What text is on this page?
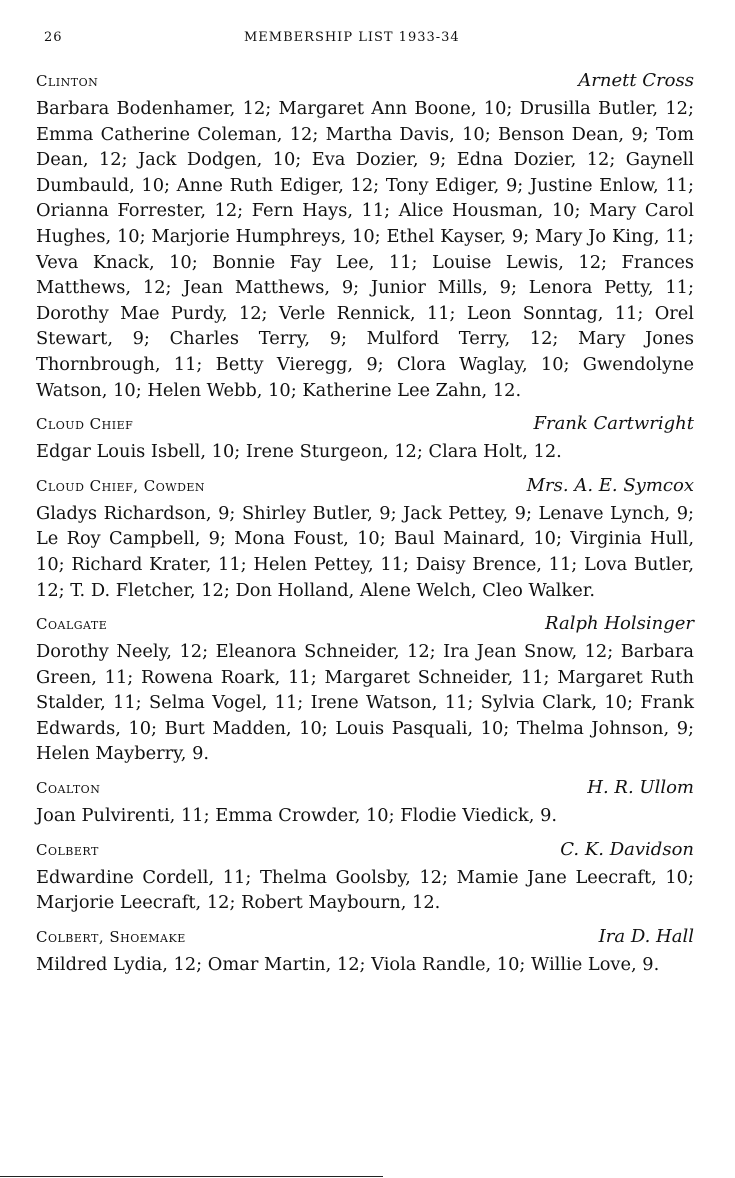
26	MEMBERSHIP LIST 1933-34
Clinton	Arnett Cross
Barbara Bodenhamer, 12; Margaret Ann Boone, 10; Drusilla Butler, 12; Emma Catherine Coleman, 12; Martha Davis, 10; Benson Dean, 9; Tom Dean, 12; Jack Dodgen, 10; Eva Dozier, 9; Edna Dozier, 12; Gaynell Dumbauld, 10; Anne Ruth Ediger, 12; Tony Ediger, 9; Justine Enlow, 11; Orianna Forrester, 12; Fern Hays, 11; Alice Housman, 10; Mary Carol Hughes, 10; Marjorie Humphreys, 10; Ethel Kayser, 9; Mary Jo King, 11; Veva Knack, 10; Bonnie Fay Lee, 11; Louise Lewis, 12; Frances Matthews, 12; Jean Matthews, 9; Junior Mills, 9; Lenora Petty, 11; Dorothy Mae Purdy, 12; Verle Rennick, 11; Leon Sonntag, 11; Orel Stewart, 9; Charles Terry, 9; Mulford Terry, 12; Mary Jones Thornbrough, 11; Betty Vieregg, 9; Clora Waglay, 10; Gwendolyne Watson, 10; Helen Webb, 10; Katherine Lee Zahn, 12.
Cloud Chief	Frank Cartwright
Edgar Louis Isbell, 10; Irene Sturgeon, 12; Clara Holt, 12.
Cloud Chief, Cowden	Mrs. A. E. Symcox
Gladys Richardson, 9; Shirley Butler, 9; Jack Pettey, 9; Lenave Lynch, 9; Le Roy Campbell, 9; Mona Foust, 10; Baul Mainard, 10; Virginia Hull, 10; Richard Krater, 11; Helen Pettey, 11; Daisy Brence, 11; Lova Butler, 12; T. D. Fletcher, 12; Don Holland, Alene Welch, Cleo Walker.
Coalgate	Ralph Holsinger
Dorothy Neely, 12; Eleanora Schneider, 12; Ira Jean Snow, 12; Barbara Green, 11; Rowena Roark, 11; Margaret Schneider, 11; Margaret Ruth Stalder, 11; Selma Vogel, 11; Irene Watson, 11; Sylvia Clark, 10; Frank Edwards, 10; Burt Madden, 10; Louis Pasquali, 10; Thelma Johnson, 9; Helen Mayberry, 9.
Coalton	H. R. Ullom
Joan Pulvirenti, 11; Emma Crowder, 10; Flodie Viedick, 9.
Colbert	C. K. Davidson
Edwardine Cordell, 11; Thelma Goolsby, 12; Mamie Jane Leecraft, 10; Marjorie Leecraft, 12; Robert Maybourn, 12.
Colbert, Shoemake	Ira D. Hall
Mildred Lydia, 12; Omar Martin, 12; Viola Randle, 10; Willie Love, 9.
